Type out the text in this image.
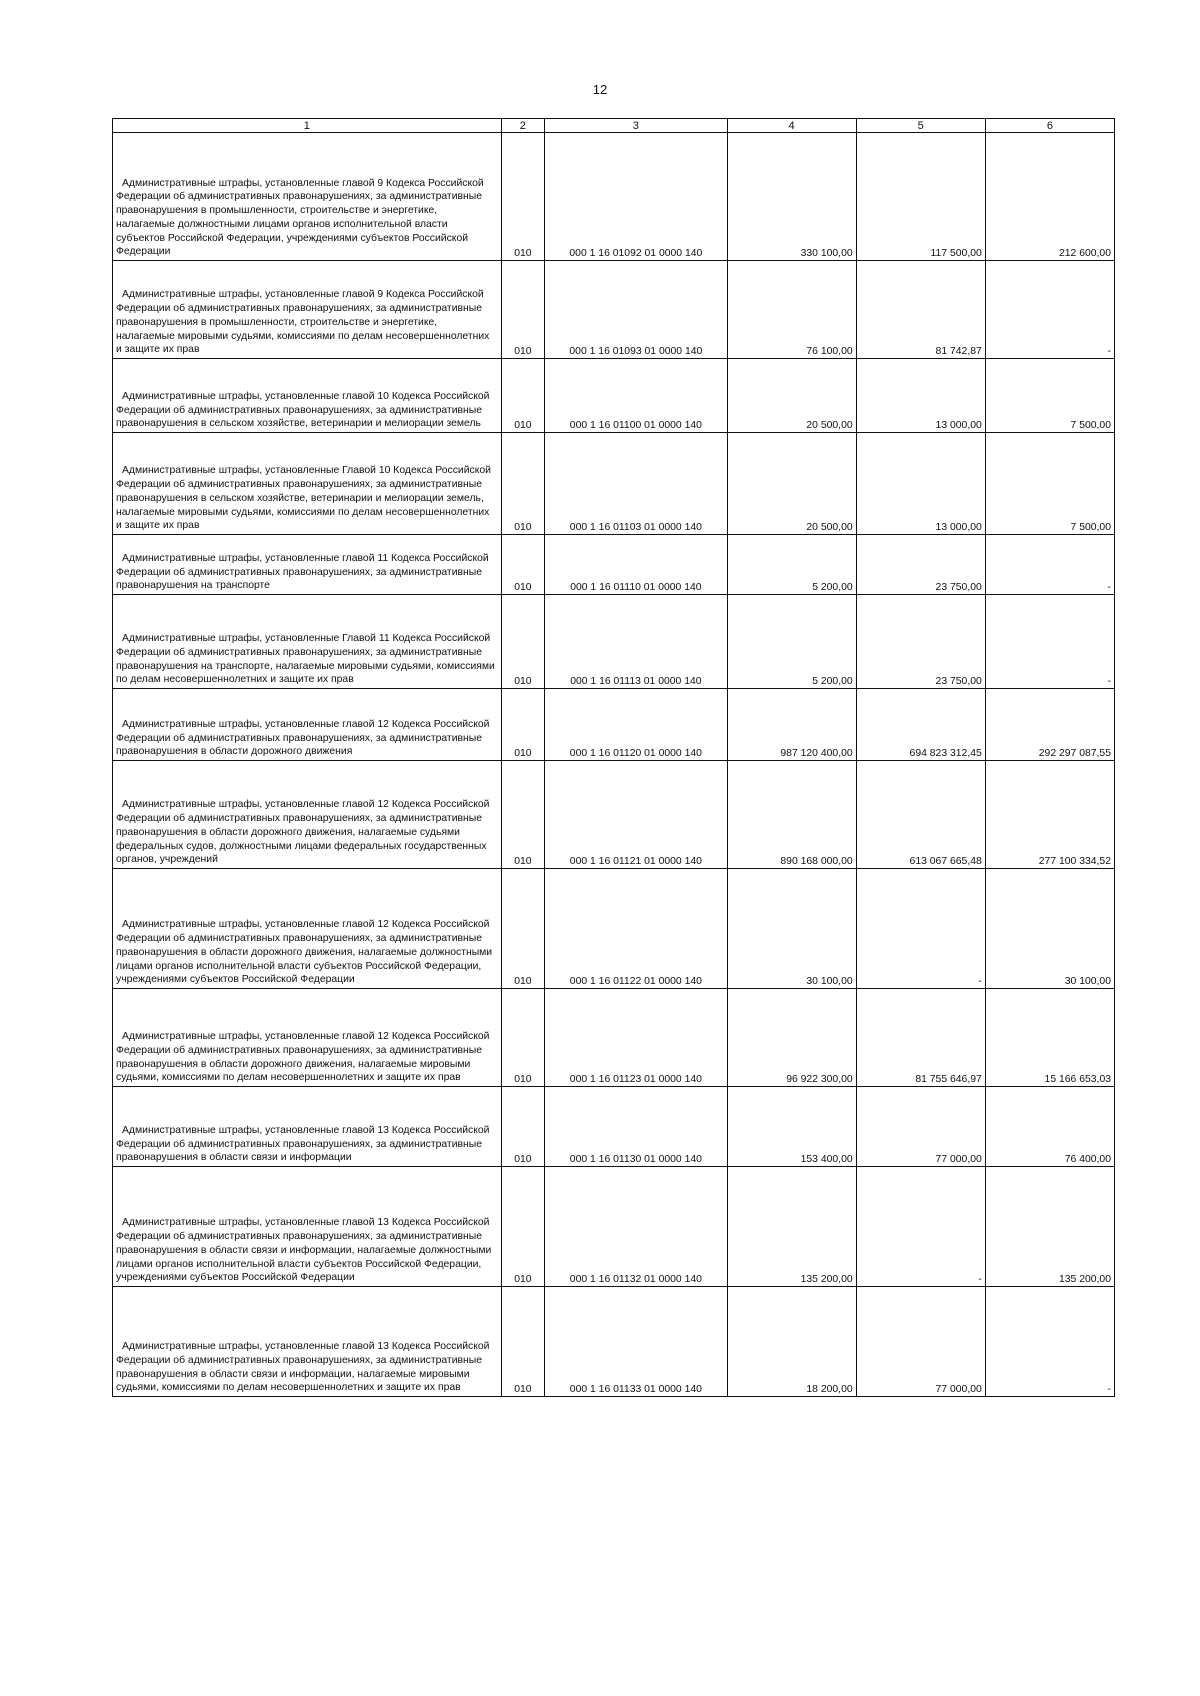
12
1	2	3	4	5	6
Административные штрафы, установленные главой 9 Кодекса Российской Федерации об административных правонарушениях, за административные правонарушения в промышленности, строительстве и энергетике, налагаемые должностными лицами органов исполнительной власти субъектов Российской Федерации, учреждениями субъектов Российской Федерации	010	000 1 16 01092 01 0000 140	330 100,00	117 500,00	212 600,00
Административные штрафы, установленные главой 9 Кодекса Российской Федерации об административных правонарушениях, за административные правонарушения в промышленности, строительстве и энергетике, налагаемые мировыми судьями, комиссиями по делам несовершеннолетних и защите их прав	010	000 1 16 01093 01 0000 140	76 100,00	81 742,87	-
Административные штрафы, установленные главой 10 Кодекса Российской Федерации об административных правонарушениях, за административные правонарушения в сельском хозяйстве, ветеринарии и мелиорации земель	010	000 1 16 01100 01 0000 140	20 500,00	13 000,00	7 500,00
Административные штрафы, установленные Главой 10 Кодекса Российской Федерации об административных правонарушениях, за административные правонарушения в сельском хозяйстве, ветеринарии и мелиорации земель, налагаемые мировыми судьями, комиссиями по делам несовершеннолетних и защите их прав	010	000 1 16 01103 01 0000 140	20 500,00	13 000,00	7 500,00
Административные штрафы, установленные главой 11 Кодекса Российской Федерации об административных правонарушениях, за административные правонарушения на транспорте	010	000 1 16 01110 01 0000 140	5 200,00	23 750,00	-
Административные штрафы, установленные Главой 11 Кодекса Российской Федерации об административных правонарушениях, за административные правонарушения на транспорте, налагаемые мировыми судьями, комиссиями по делам несовершеннолетних и защите их прав	010	000 1 16 01113 01 0000 140	5 200,00	23 750,00	-
Административные штрафы, установленные главой 12 Кодекса Российской Федерации об административных правонарушениях, за административные правонарушения в области дорожного движения	010	000 1 16 01120 01 0000 140	987 120 400,00	694 823 312,45	292 297 087,55
Административные штрафы, установленные главой 12 Кодекса Российской Федерации об административных правонарушениях, за административные правонарушения в области дорожного движения, налагаемые судьями федеральных судов, должностными лицами федеральных государственных органов, учреждений	010	000 1 16 01121 01 0000 140	890 168 000,00	613 067 665,48	277 100 334,52
Административные штрафы, установленные главой 12 Кодекса Российской Федерации об административных правонарушениях, за административные правонарушения в области дорожного движения, налагаемые должностными лицами органов исполнительной власти субъектов Российской Федерации, учреждениями субъектов Российской Федерации	010	000 1 16 01122 01 0000 140	30 100,00	-	30 100,00
Административные штрафы, установленные главой 12 Кодекса Российской Федерации об административных правонарушениях, за административные правонарушения в области дорожного движения, налагаемые мировыми судьями, комиссиями по делам несовершеннолетних и защите их прав	010	000 1 16 01123 01 0000 140	96 922 300,00	81 755 646,97	15 166 653,03
Административные штрафы, установленные главой 13 Кодекса Российской Федерации об административных правонарушениях, за административные правонарушения в области связи и информации	010	000 1 16 01130 01 0000 140	153 400,00	77 000,00	76 400,00
Административные штрафы, установленные главой 13 Кодекса Российской Федерации об административных правонарушениях, за административные правонарушения в области связи и информации, налагаемые должностными лицами органов исполнительной власти субъектов Российской Федерации, учреждениями субъектов Российской Федерации	010	000 1 16 01132 01 0000 140	135 200,00	-	135 200,00
Административные штрафы, установленные главой 13 Кодекса Российской Федерации об административных правонарушениях, за административные правонарушения в области связи и информации, налагаемые мировыми судьями, комиссиями по делам несовершеннолетних и защите их прав	010	000 1 16 01133 01 0000 140	18 200,00	77 000,00	-
